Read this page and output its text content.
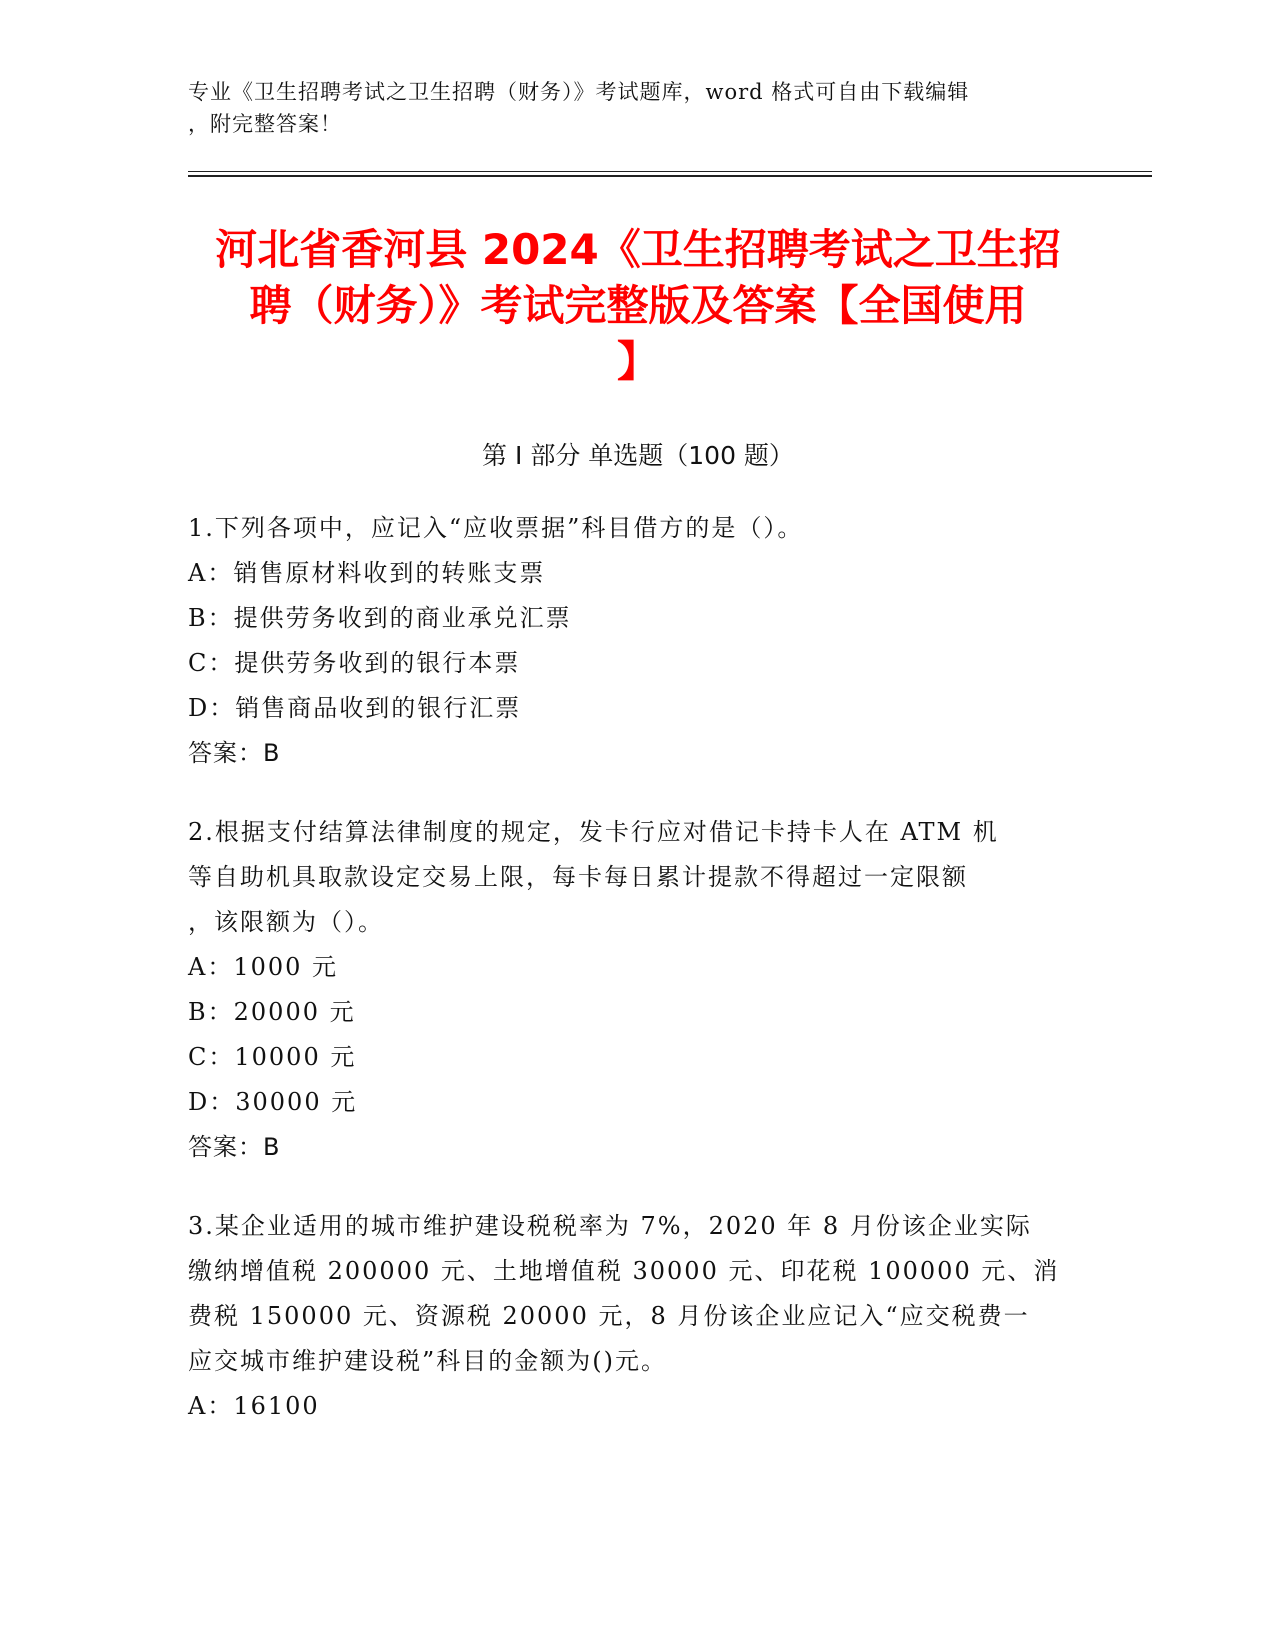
专业《卫生招聘考试之卫生招聘（财务）》考试题库，word 格式可自由下载编辑
，附完整答案！
河北省香河县 2024《卫生招聘考试之卫生招
聘（财务）》考试完整版及答案【全国使用
】
第 I 部分 单选题（100 题）

1.下列各项中，应记入“应收票据”科目借方的是（）。

A：销售原材料收到的转账支票

B：提供劳务收到的商业承兑汇票

C：提供劳务收到的银行本票

D：销售商品收到的银行汇票

答案：B

2.根据支付结算法律制度的规定，发卡行应对借记卡持卡人在 ATM 机

等自助机具取款设定交易上限，每卡每日累计提款不得超过一定限额

，该限额为（）。

A：1000 元

B：20000 元

C：10000 元

D：30000 元

答案：B

3.某企业适用的城市维护建设税税率为 7%，2020 年 8 月份该企业实际

缴纳增值税 200000 元、土地增值税 30000 元、印花税 100000 元、消

费税 150000 元、资源税 20000 元，8 月份该企业应记入“应交税费一

应交城市维护建设税”科目的金额为()元。

A：16100
